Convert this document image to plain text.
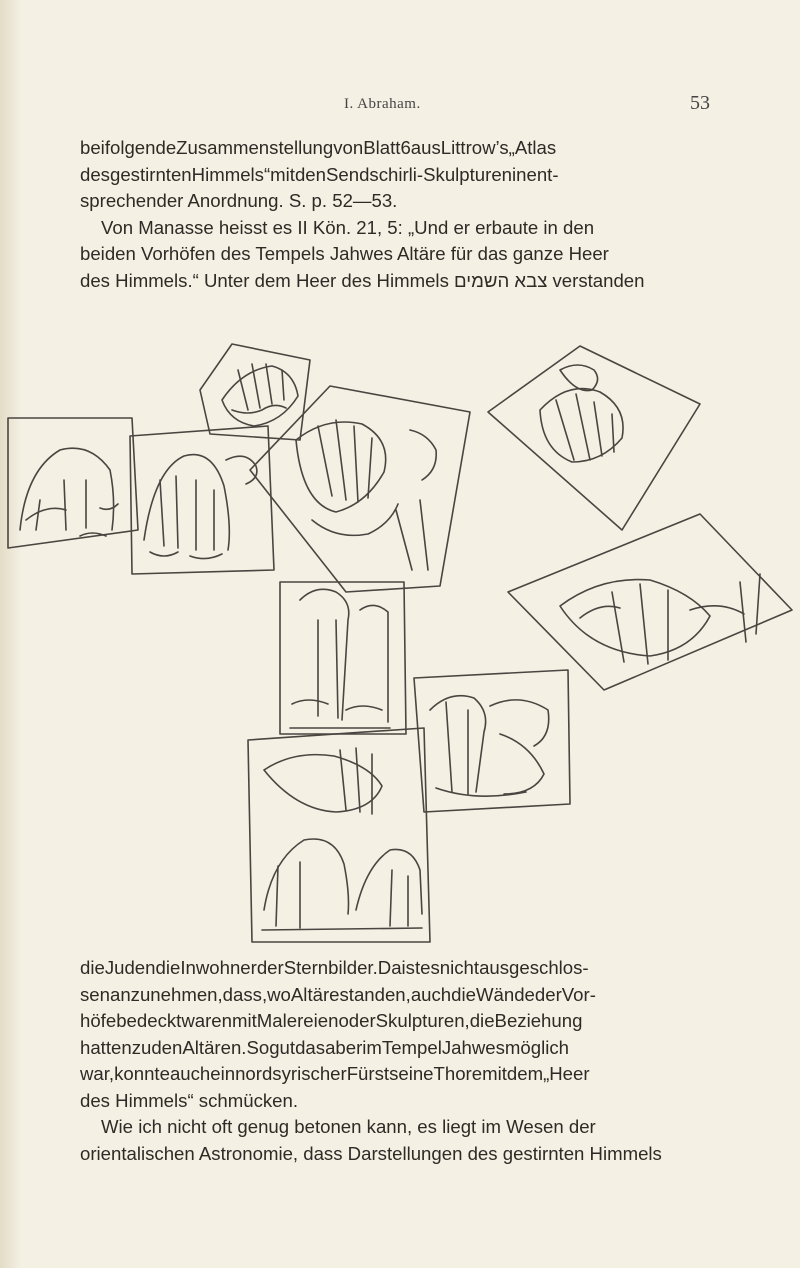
I. Abraham.	53
beifolgendeZusammenstellungvonBlatt6ausLittrow’s„Atlas
desgestirntenHimmels“mitdenSendschirli-Skulptureninent-
sprechender Anordnung. S. p. 52—53.
Von Manasse heisst es II Kön. 21, 5: „Und er erbaute in den
beiden Vorhöfen des Tempels Jahwes Altäre für das ganze Heer
des Himmels.“ Unter dem Heer des Himmels צבא השמים verstanden
dieJudendieInwohnerderSternbilder.Daistesnichtausgeschlos-
senanzunehmen,dass,woAltärestanden,auchdieWändederVor-
höfebedecktwarenmitMalereienoderSkulpturen,dieBeziehung
hattenzudenAltären.SogutdasaberimTempelJahwesmöglich
war,konnteaucheinnordsyrischerFürstseineThoremitdem„Heer
des Himmels“ schmücken.
Wie ich nicht oft genug betonen kann, es liegt im Wesen der
orientalischen Astronomie, dass Darstellungen des gestirnten Himmels
